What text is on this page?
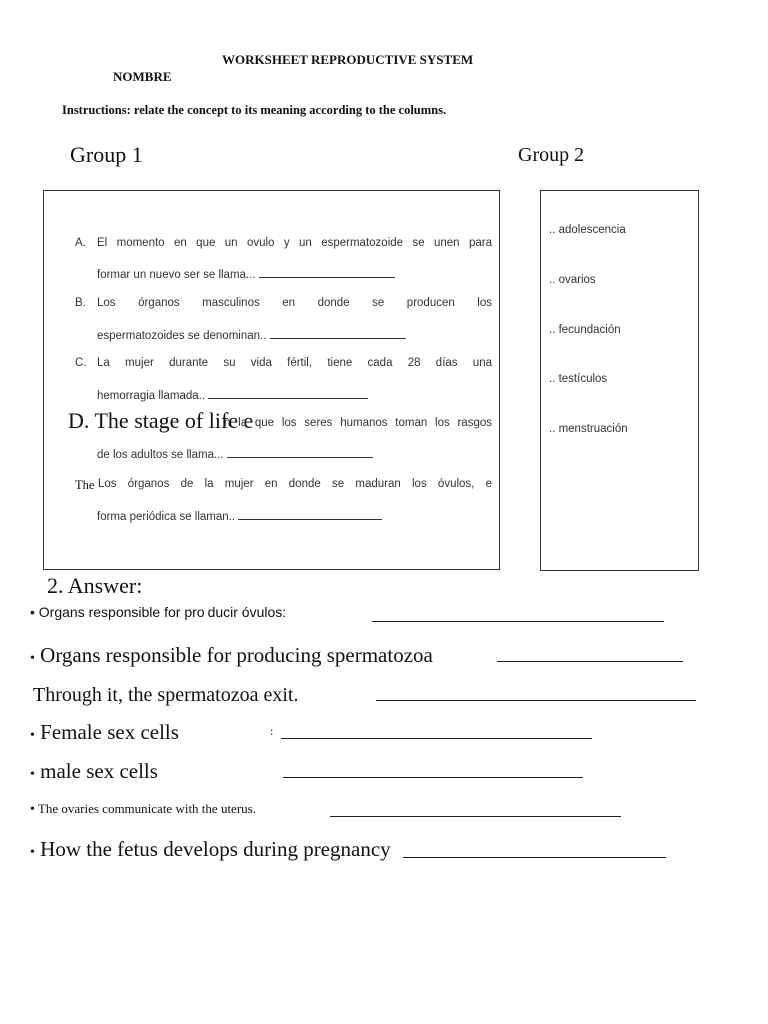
WORKSHEET REPRODUCTIVE SYSTEM
NOMBRE
Instructions: relate the concept to its meaning according to the columns.
Group 1	Group 2
A. El momento en que un ovulo y un espermatozoide se unen para
formar un nuevo ser se llama...
B. Los órganos masculinos en donde se producen los
espermatozoides se denominan..
C. La mujer durante su vida fértil, tiene cada 28 días una
hemorragia llamada..
D. The stage of life e
n la que los seres humanos toman los rasgos
de los adultos se llama...
The Los órganos de la mujer en donde se maduran los óvulos, e
forma periódica se llaman..
.. adolescencia
.. ovarios
.. fecundación
.. testículos
.. menstruación
2. Answer:
• Organs responsible for pro ducir óvulos:
• Organs responsible for producing spermatozoa
Through it, the spermatozoa exit.
• Female sex cells	:
• male sex cells
• The ovaries communicate with the uterus.
• How the fetus develops during pregnancy
